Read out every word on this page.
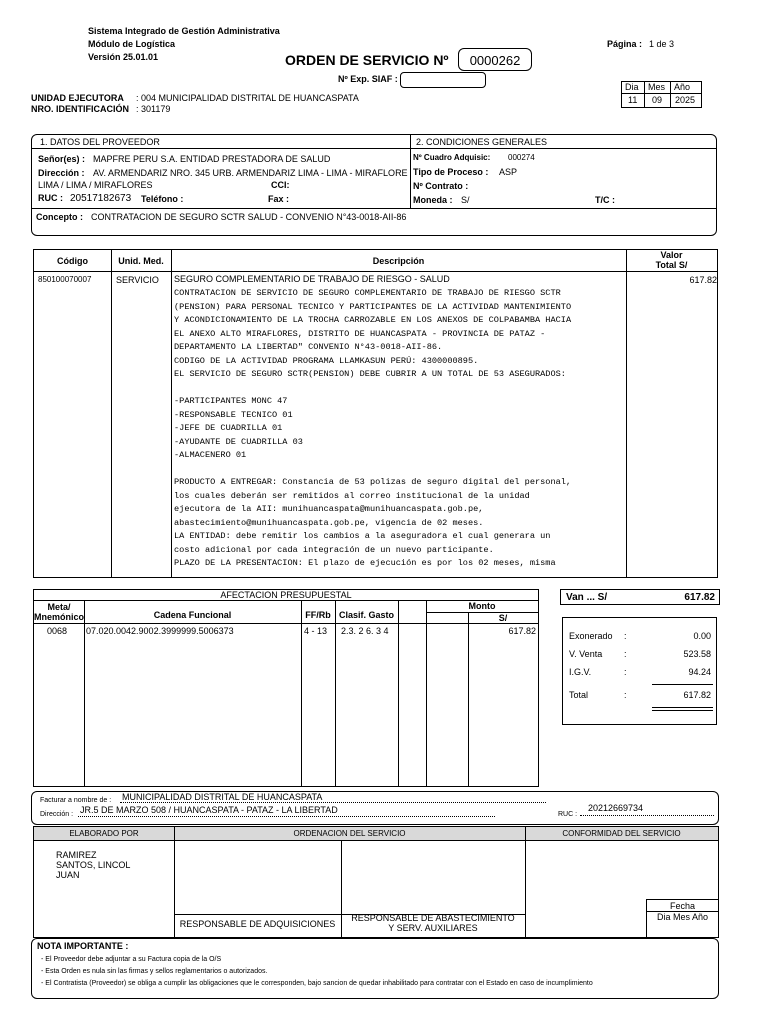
Sistema Integrado de Gestión Administrativa
Módulo de Logística
Versión 25.01.01
Página : 1 de 3
ORDEN DE SERVICIO Nº	0000262
Nº Exp. SIAF :
Dia Mes Año
11 09 2025
UNIDAD EJECUTORA : 004 MUNICIPALIDAD DISTRITAL DE HUANCASPATA
NRO. IDENTIFICACIÓN : 301179
1. DATOS DEL PROVEEDOR	2. CONDICIONES GENERALES
Señor(es) : MAPFRE PERU S.A. ENTIDAD PRESTADORA DE SALUD
Dirección : AV. ARMENDARIZ NRO. 345 URB. ARMENDARIZ LIMA - LIMA - MIRAFLORE
LIMA / LIMA / MIRAFLORES	CCI:
RUC : 20517182673 Teléfono :	Fax :
Nº Cuadro Adquisic: 000274
Tipo de Proceso : ASP
Nº Contrato :
Moneda : S/	T/C :
Concepto : CONTRATACION DE SEGURO SCTR SALUD - CONVENIO N°43-0018-AII-86
Código	Unid. Med.	Descripción
Valor
Total S/
850100070007	SERVICIO SEGURO COMPLEMENTARIO DE TRABAJO DE RIESGO - SALUD	617.82
CONTRATACION DE SERVICIO DE SEGURO COMPLEMENTARIO DE TRABAJO DE RIESGO SCTR
(PENSION) PARA PERSONAL TECNICO Y PARTICIPANTES DE LA ACTIVIDAD MANTENIMIENTO
Y ACONDICIONAMIENTO DE LA TROCHA CARROZABLE EN LOS ANEXOS DE COLPABAMBA HACIA
EL ANEXO ALTO MIRAFLORES, DISTRITO DE HUANCASPATA - PROVINCIA DE PATAZ -
DEPARTAMENTO LA LIBERTAD" CONVENIO N°43-0018-AII-86.
CODIGO DE LA ACTIVIDAD PROGRAMA LLAMKASUN PERÚ: 4300000895.
EL SERVICIO DE SEGURO SCTR(PENSION) DEBE CUBRIR A UN TOTAL DE 53 ASEGURADOS:
-PARTICIPANTES MONC 47
-RESPONSABLE TECNICO 01
-JEFE DE CUADRILLA 01
-AYUDANTE DE CUADRILLA 03
-ALMACENERO 01
PRODUCTO A ENTREGAR: Constancia de 53 polizas de seguro digital del personal,
los cuales deberán ser remitidos al correo institucional de la unidad
ejecutora de la AII: munihuancaspata@munihuancaspata.gob.pe,
abastecimiento@munihuancaspata.gob.pe, vigencia de 02 meses.
LA ENTIDAD: debe remitir los cambios a la aseguradora el cual generara un
costo adicional por cada integración de un nuevo participante.
PLAZO DE LA PRESENTACION: El plazo de ejecución es por los 02 meses, misma
AFECTACION PRESUPUESTAL
Meta/
Mnemónico	Cadena Funcional	FF/Rb Clasif. Gasto
Monto
S/
0068 07.020.0042.9002.3999999.5006373	4 - 13 2.3. 2 6. 3 4	617.82
Van ... S/	617.82
Exonerado :	0.00
V. Venta :	523.58
I.G.V.	:	94.24
Total	:	617.82
Facturar a nombre de : MUNICIPALIDAD DISTRITAL DE HUANCASPATA
Dirección : JR.5 DE MARZO 508 / HUANCASPATA - PATAZ - LA LIBERTAD	RUC :
20212669734
ELABORADO POR	ORDENACION DEL SERVICIO	CONFORMIDAD DEL SERVICIO
RAMIREZ
SANTOS, LINCOL
JUAN
RESPONSABLE DE ADQUISICIONES
RESPONSABLE DE ABASTECIMIENTO
Y SERV. AUXILIARES
Fecha
Dia Mes Año
NOTA IMPORTANTE :
- El Proveedor debe adjuntar a su Factura copia de la O/S
- Esta Orden es nula sin las firmas y sellos reglamentarios o autorizados.
- El Contratista (Proveedor) se obliga a cumplir las obligaciones que le corresponden, bajo sancion de quedar inhabilitado para contratar con el Estado en caso de incumplimiento
